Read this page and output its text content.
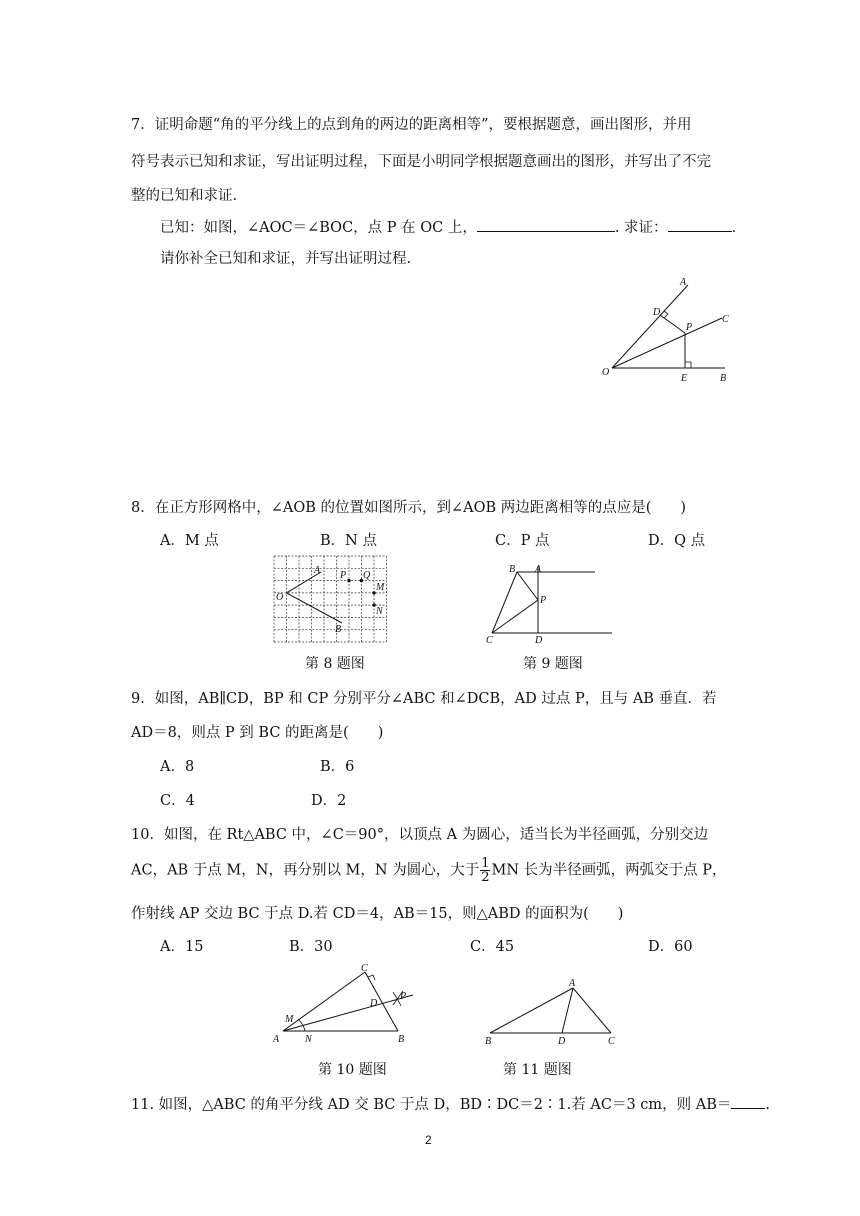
7．证明命题“角的平分线上的点到角的两边的距离相等”，要根据题意，画出图形，并用
符号表示已知和求证，写出证明过程，下面是小明同学根据题意画出的图形，并写出了不完
整的已知和求证.
已知：如图，∠AOC＝∠BOC，点 P 在 OC 上，	. 求证：	.
请你补全已知和求证，并写出证明过程.
A
C
D
P
O
E	B
8．在正方形网格中，∠AOB 的位置如图所示，到∠AOB 两边距离相等的点应是(　　)
A．M 点	B．N 点	C．P 点	D．Q 点
A P Q
O
M
N
B
第 8 题图
B A
P
C	D
第 9 题图
9．如图，AB∥CD，BP 和 CP 分别平分∠ABC 和∠DCB，AD 过点 P，且与 AB 垂直．若
AD＝8，则点 P 到 BC 的距离是(　　)
A．8	B．6
C．4	D．2
10．如图，在 Rt△ABC 中，∠C＝90°，以顶点 A 为圆心，适当长为半径画弧，分别交边
AC，AB 于点 M，N，再分别以 M，N 为圆心，大于 $\frac{1}{2}$ MN 长为半径画弧，两弧交于点 P，
作射线 AP 交边 BC 于点 D.若 CD＝4，AB＝15，则△ABD 的面积为(　　)
A．15	B．30	C．45	D．60
C
D
P
M
A	N	B
第 10 题图
A
B	D	C
第 11 题图
11. 如图，△ABC 的角平分线 AD 交 BC 于点 D，BD∶DC＝2∶1.若 AC＝3 cm，则 AB＝ .
2
